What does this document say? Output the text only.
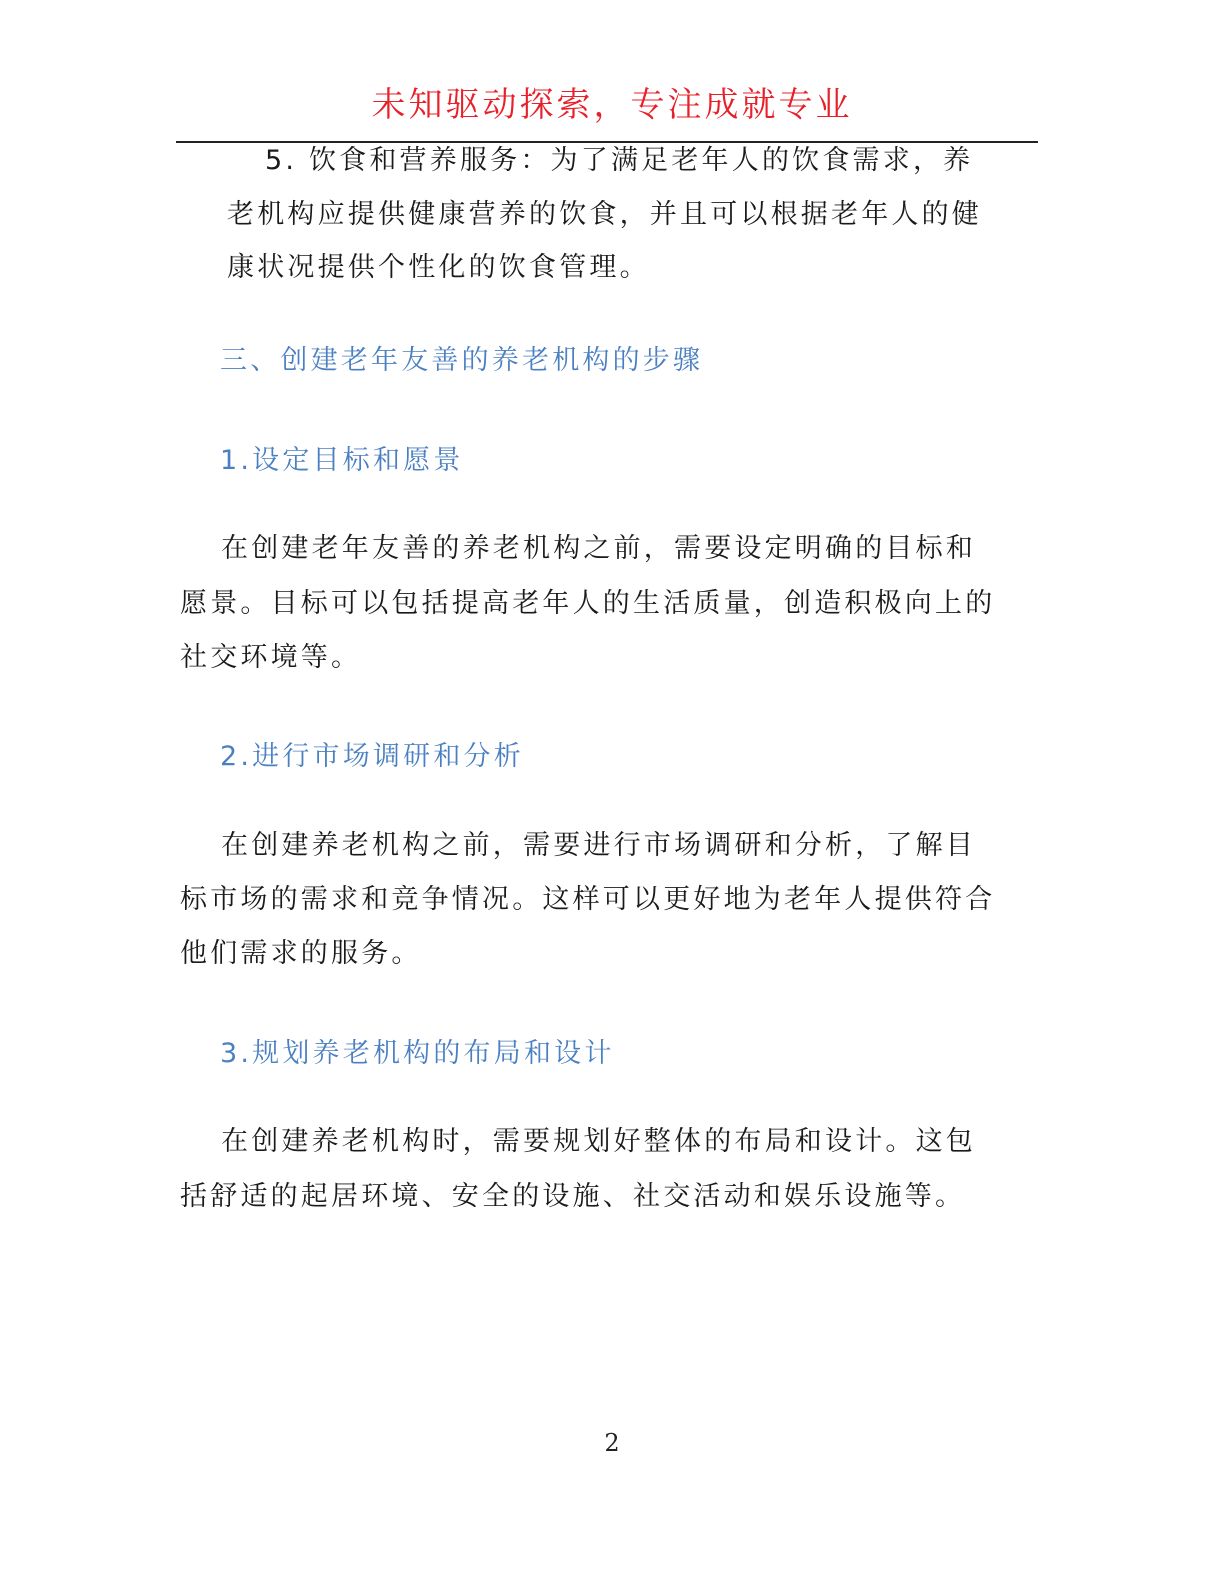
未知驱动探索，专注成就专业
5. 饮食和营养服务：为了满足老年人的饮食需求，养
老机构应提供健康营养的饮食，并且可以根据老年人的健
康状况提供个性化的饮食管理。
三、创建老年友善的养老机构的步骤
1.设定目标和愿景
在创建老年友善的养老机构之前，需要设定明确的目标和
愿景。目标可以包括提高老年人的生活质量，创造积极向上的
社交环境等。
2.进行市场调研和分析
在创建养老机构之前，需要进行市场调研和分析，了解目
标市场的需求和竞争情况。这样可以更好地为老年人提供符合
他们需求的服务。
3.规划养老机构的布局和设计
在创建养老机构时，需要规划好整体的布局和设计。这包
括舒适的起居环境、安全的设施、社交活动和娱乐设施等。
2
